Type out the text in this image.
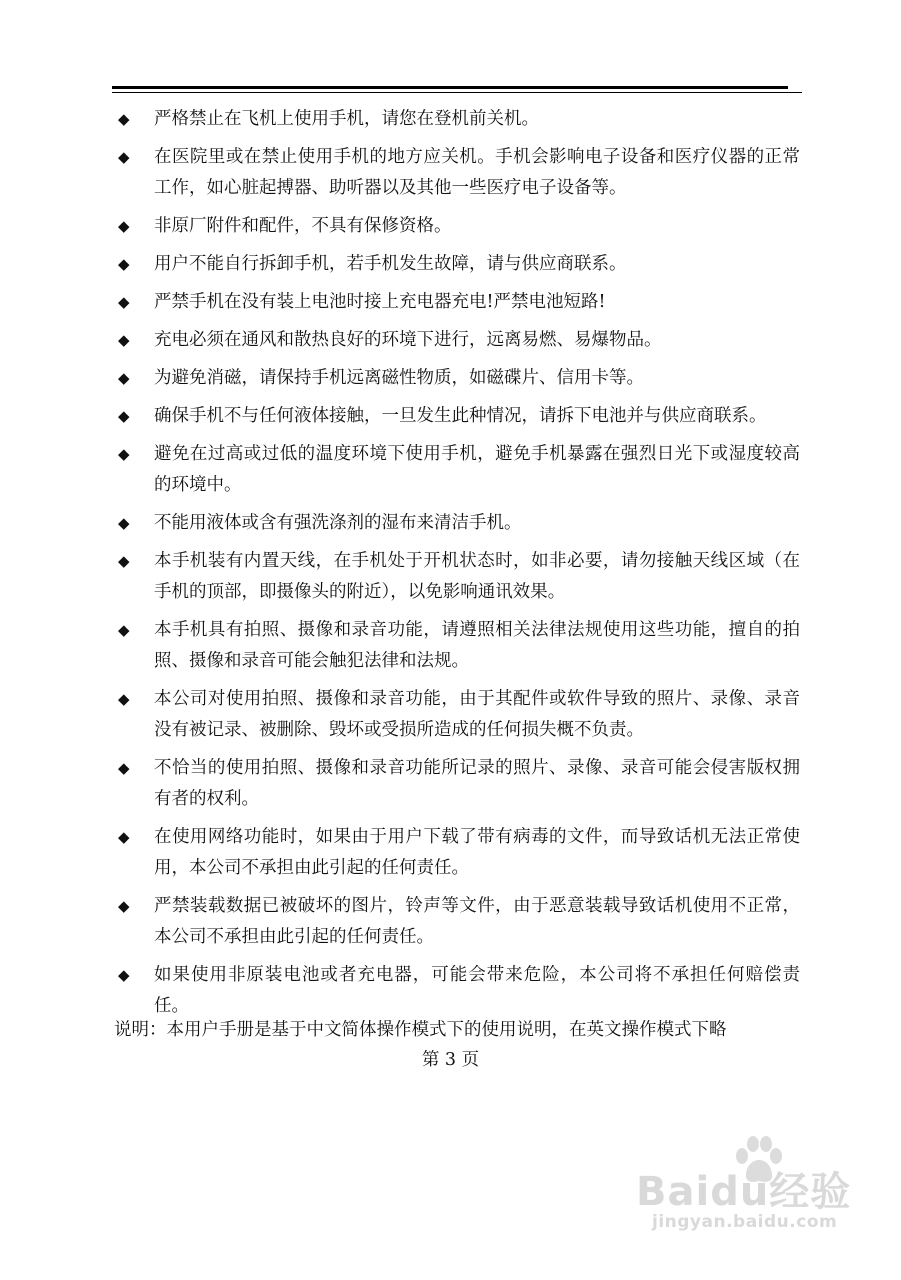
◆ 严格禁止在飞机上使用手机，请您在登机前关机。
◆ 在医院里或在禁止使用手机的地方应关机。手机会影响电子设备和医疗仪器的正常工作，如心脏起搏器、助听器以及其他一些医疗电子设备等。
◆ 非原厂附件和配件，不具有保修资格。
◆ 用户不能自行拆卸手机，若手机发生故障，请与供应商联系。
◆ 严禁手机在没有装上电池时接上充电器充电!严禁电池短路!
◆ 充电必须在通风和散热良好的环境下进行，远离易燃、易爆物品。
◆ 为避免消磁，请保持手机远离磁性物质，如磁碟片、信用卡等。
◆ 确保手机不与任何液体接触，一旦发生此种情况，请拆下电池并与供应商联系。
◆ 避免在过高或过低的温度环境下使用手机，避免手机暴露在强烈日光下或湿度较高的环境中。
◆ 不能用液体或含有强洗涤剂的湿布来清洁手机。
◆ 本手机装有内置天线，在手机处于开机状态时，如非必要，请勿接触天线区域（在手机的顶部，即摄像头的附近），以免影响通讯效果。
◆ 本手机具有拍照、摄像和录音功能，请遵照相关法律法规使用这些功能，擅自的拍照、摄像和录音可能会触犯法律和法规。
◆ 本公司对使用拍照、摄像和录音功能，由于其配件或软件导致的照片、录像、录音没有被记录、被删除、毁坏或受损所造成的任何损失概不负责。
◆ 不恰当的使用拍照、摄像和录音功能所记录的照片、录像、录音可能会侵害版权拥有者的权利。
◆ 在使用网络功能时，如果由于用户下载了带有病毒的文件，而导致话机无法正常使用，本公司不承担由此引起的任何责任。
◆ 严禁装载数据已被破坏的图片，铃声等文件，由于恶意装载导致话机使用不正常，本公司不承担由此引起的任何责任。
◆ 如果使用非原装电池或者充电器，可能会带来危险，本公司将不承担任何赔偿责任。
说明：本用户手册是基于中文简体操作模式下的使用说明，在英文操作模式下略
第 3 页
Baidu经验
jingyan.baidu.com
